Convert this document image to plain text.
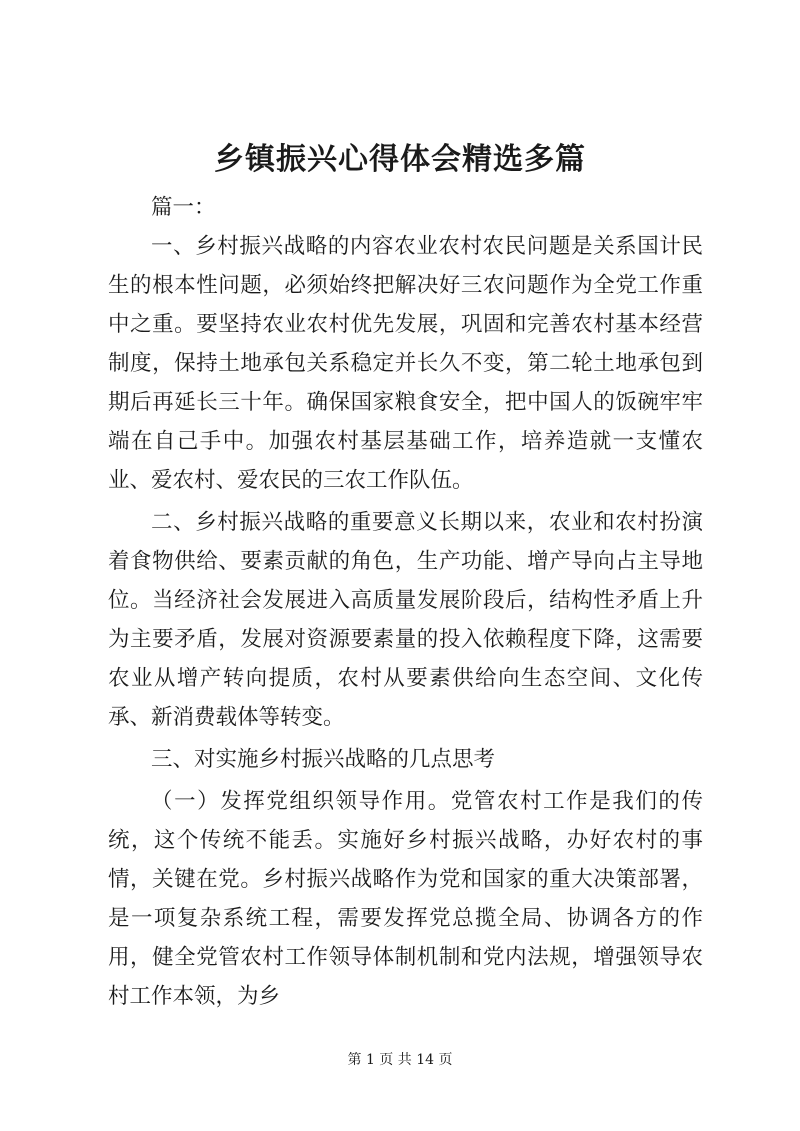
乡镇振兴心得体会精选多篇

篇一：

一、乡村振兴战略的内容农业农村农民问题是关系国计民生的根本性问题，必须始终把解决好三农问题作为全党工作重中之重。要坚持农业农村优先发展，巩固和完善农村基本经营制度，保持土地承包关系稳定并长久不变，第二轮土地承包到期后再延长三十年。确保国家粮食安全，把中国人的饭碗牢牢端在自己手中。加强农村基层基础工作，培养造就一支懂农业、爱农村、爱农民的三农工作队伍。

二、乡村振兴战略的重要意义长期以来，农业和农村扮演着食物供给、要素贡献的角色，生产功能、增产导向占主导地位。当经济社会发展进入高质量发展阶段后，结构性矛盾上升为主要矛盾，发展对资源要素量的投入依赖程度下降，这需要农业从增产转向提质，农村从要素供给向生态空间、文化传承、新消费载体等转变。

三、对实施乡村振兴战略的几点思考

（一）发挥党组织领导作用。党管农村工作是我们的传统，这个传统不能丢。实施好乡村振兴战略，办好农村的事情，关键在党。乡村振兴战略作为党和国家的重大决策部署，是一项复杂系统工程，需要发挥党总揽全局、协调各方的作用，健全党管农村工作领导体制机制和党内法规，增强领导农村工作本领，为乡

第 1 页 共 14 页
